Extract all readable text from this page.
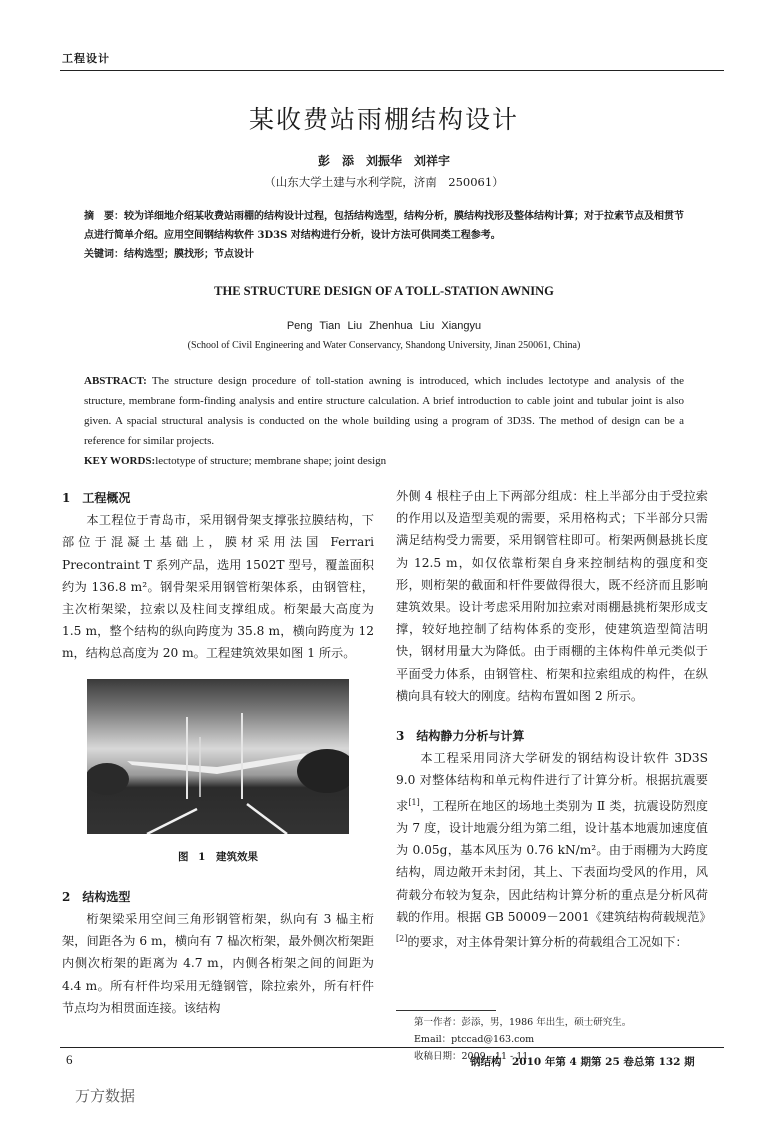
工程设计
某收费站雨棚结构设计
彭　添　刘振华　刘祥宇
（山东大学土建与水利学院，济南　250061）
摘　要：较为详细地介绍某收费站雨棚的结构设计过程，包括结构选型，结构分析，膜结构找形及整体结构计算；对于拉索节点及相贯节点进行简单介绍。应用空间钢结构软件 3D3S 对结构进行分析，设计方法可供同类工程参考。
关键词：结构选型；膜找形；节点设计
THE STRUCTURE DESIGN OF A TOLL-STATION AWNING
Peng Tian Liu Zhenhua Liu Xiangyu
(School of Civil Engineering and Water Conservancy, Shandong University, Jinan 250061, China)
ABSTRACT: The structure design procedure of toll-station awning is introduced, which includes lectotype and analysis of the structure, membrane form-finding analysis and entire structure calculation. A brief introduction to cable joint and tubular joint is also given. A spacial structural analysis is conducted on the whole building using a program of 3D3S. The method of design can be a reference for similar projects.
KEY WORDS:lectotype of structure; membrane shape; joint design

1　工程概况

本工程位于青岛市，采用钢骨架支撑张拉膜结构，下部位于混凝土基础上，膜材采用法国 Ferrari Precontraint T 系列产品，选用 1502T 型号，覆盖面积约为 136.8 m²。钢骨架采用钢管桁架体系，由钢管柱，主次桁架梁，拉索以及柱间支撑组成。桁架最大高度为 1.5 m，整个结构的纵向跨度为 35.8 m，横向跨度为 12 m，结构总高度为 20 m。工程建筑效果如图 1 所示。

图 1　建筑效果

2　结构选型

桁架梁采用空间三角形钢管桁架，纵向有 3 榀主桁架，间距各为 6 m，横向有 7 榀次桁架，最外侧次桁架距内侧次桁架的距离为 4.7 m，内侧各桁架之间的间距为 4.4 m。所有杆件均采用无缝钢管，除拉索外，所有杆件节点均为相贯面连接。该结构

外侧 4 根柱子由上下两部分组成：柱上半部分由于受拉索的作用以及造型美观的需要，采用格构式；下半部分只需满足结构受力需要，采用钢管柱即可。桁架两侧悬挑长度为 12.5 m，如仅依靠桁架自身来控制结构的强度和变形，则桁架的截面和杆件要做得很大，既不经济而且影响建筑效果。设计考虑采用附加拉索对雨棚悬挑桁架形成支撑，较好地控制了结构体系的变形，使建筑造型简洁明快，钢材用量大为降低。由于雨棚的主体构件单元类似于平面受力体系，由钢管柱、桁架和拉索组成的构件，在纵横向具有较大的刚度。结构布置如图 2 所示。

3　结构静力分析与计算

本工程采用同济大学研发的钢结构设计软件 3D3S 9.0 对整体结构和单元构件进行了计算分析。根据抗震要求[1]，工程所在地区的场地土类别为 Ⅱ 类，抗震设防烈度为 7 度，设计地震分组为第二组，设计基本地震加速度值为 0.05g，基本风压为 0.76 kN/m²。由于雨棚为大跨度结构，周边敞开未封闭，其上、下表面均受风的作用，风荷载分布较为复杂，因此结构计算分析的重点是分析风荷载的作用。根据 GB 50009－2001《建筑结构荷载规范》[2]的要求，对主体骨架计算分析的荷载组合工况如下：

第一作者：彭添，男，1986 年出生，硕士研究生。
Email：ptccad@163.com
收稿日期：2009 - 11 - 11
6	钢结构　2010 年第 4 期第 25 卷总第 132 期
万方数据
